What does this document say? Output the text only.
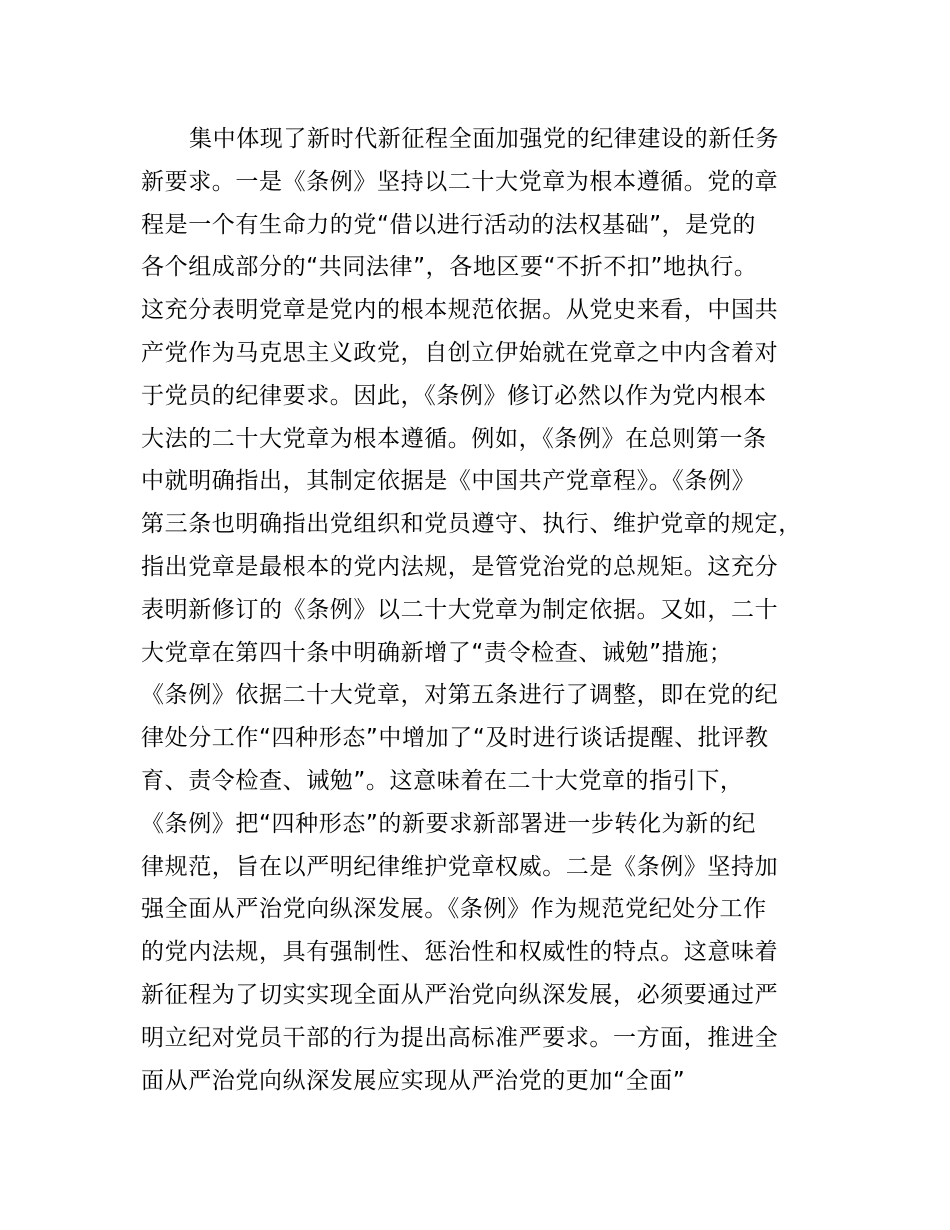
集中体现了新时代新征程全面加强党的纪律建设的新任务
新要求。一是《条例》坚持以二十大党章为根本遵循。党的章
程是一个有生命力的党“借以进行活动的法权基础”，是党的
各个组成部分的“共同法律”，各地区要“不折不扣”地执行。
这充分表明党章是党内的根本规范依据。从党史来看，中国共
产党作为马克思主义政党，自创立伊始就在党章之中内含着对
于党员的纪律要求。因此，《条例》修订必然以作为党内根本
大法的二十大党章为根本遵循。例如，《条例》在总则第一条
中就明确指出，其制定依据是《中国共产党章程》。《条例》
第三条也明确指出党组织和党员遵守、执行、维护党章的规定，
指出党章是最根本的党内法规，是管党治党的总规矩。这充分
表明新修订的《条例》以二十大党章为制定依据。又如，二十
大党章在第四十条中明确新增了“责令检查、诫勉”措施；
《条例》依据二十大党章，对第五条进行了调整，即在党的纪
律处分工作“四种形态”中增加了“及时进行谈话提醒、批评教
育、责令检查、诫勉”。这意味着在二十大党章的指引下，
《条例》把“四种形态”的新要求新部署进一步转化为新的纪
律规范，旨在以严明纪律维护党章权威。二是《条例》坚持加
强全面从严治党向纵深发展。《条例》作为规范党纪处分工作
的党内法规，具有强制性、惩治性和权威性的特点。这意味着
新征程为了切实实现全面从严治党向纵深发展，必须要通过严
明立纪对党员干部的行为提出高标准严要求。一方面，推进全
面从严治党向纵深发展应实现从严治党的更加“全面”
